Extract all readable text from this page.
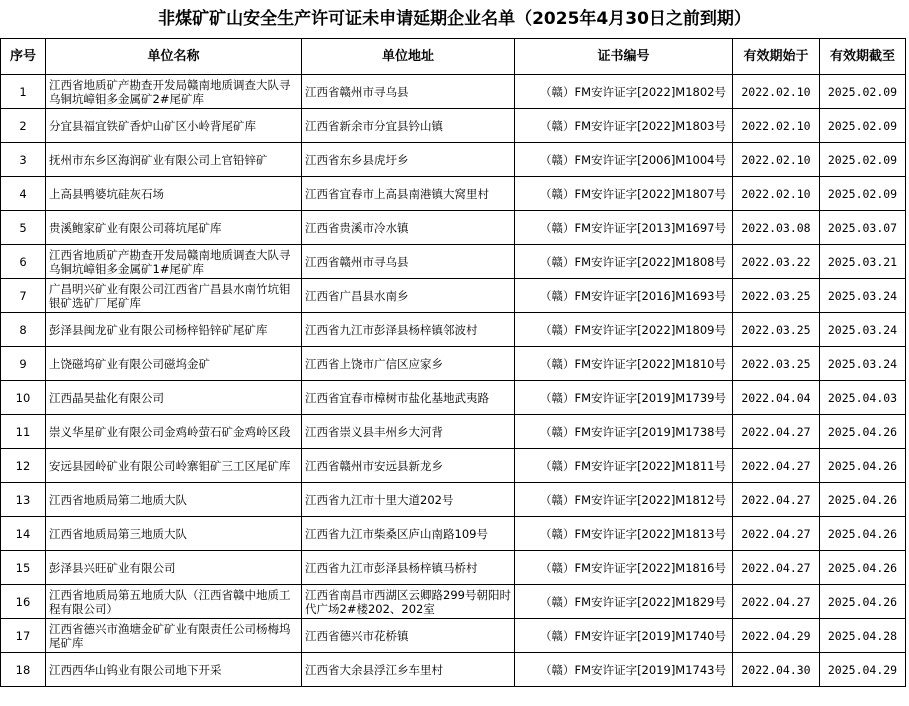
非煤矿矿山安全生产许可证未申请延期企业名单（2025年4月30日之前到期）
序号	单位名称	单位地址	证书编号	有效期始于	有效期截至
1	江西省地质矿产勘查开发局赣南地质调查大队寻乌铜坑嶂钼多金属矿2#尾矿库	江西省赣州市寻乌县	（赣）FM安许证字[2022]M1802号	2022.02.10	2025.02.09
2	分宜县福宜铁矿香炉山矿区小岭背尾矿库	江西省新余市分宜县钤山镇	（赣）FM安许证字[2022]M1803号	2022.02.10	2025.02.09
3	抚州市东乡区海润矿业有限公司上官铅锌矿	江西省东乡县虎圩乡	（赣）FM安许证字[2006]M1004号	2022.02.10	2025.02.09
4	上高县鸭婆坑硅灰石场	江西省宜春市上高县南港镇大窝里村	（赣）FM安许证字[2022]M1807号	2022.02.10	2025.02.09
5	贵溪鲍家矿业有限公司蒋坑尾矿库	江西省贵溪市冷水镇	（赣）FM安许证字[2013]M1697号	2022.03.08	2025.03.07
6	江西省地质矿产勘查开发局赣南地质调查大队寻乌铜坑嶂钼多金属矿1#尾矿库	江西省赣州市寻乌县	（赣）FM安许证字[2022]M1808号	2022.03.22	2025.03.21
7	广昌明兴矿业有限公司江西省广昌县水南竹坑钼银矿选矿厂尾矿库	江西省广昌县水南乡	（赣）FM安许证字[2016]M1693号	2022.03.25	2025.03.24
8	彭泽县闽龙矿业有限公司杨梓铅锌矿尾矿库	江西省九江市彭泽县杨梓镇邻波村	（赣）FM安许证字[2022]M1809号	2022.03.25	2025.03.24
9	上饶磁坞矿业有限公司磁坞金矿	江西省上饶市广信区应家乡	（赣）FM安许证字[2022]M1810号	2022.03.25	2025.03.24
10	江西晶昊盐化有限公司	江西省宜春市樟树市盐化基地武夷路	（赣）FM安许证字[2019]M1739号	2022.04.04	2025.04.03
11	崇义华星矿业有限公司金鸡岭萤石矿金鸡岭区段	江西省崇义县丰州乡大河背	（赣）FM安许证字[2019]M1738号	2022.04.27	2025.04.26
12	安远县园岭矿业有限公司岭寨钼矿三工区尾矿库	江西省赣州市安远县新龙乡	（赣）FM安许证字[2022]M1811号	2022.04.27	2025.04.26
13	江西省地质局第二地质大队	江西省九江市十里大道202号	（赣）FM安许证字[2022]M1812号	2022.04.27	2025.04.26
14	江西省地质局第三地质大队	江西省九江市柴桑区庐山南路109号	（赣）FM安许证字[2022]M1813号	2022.04.27	2025.04.26
15	彭泽县兴旺矿业有限公司	江西省九江市彭泽县杨梓镇马桥村	（赣）FM安许证字[2022]M1816号	2022.04.27	2025.04.26
16	江西省地质局第五地质大队（江西省赣中地质工程有限公司）	江西省南昌市西湖区云卿路299号朝阳时代广场2#楼202、202室	（赣）FM安许证字[2022]M1829号	2022.04.27	2025.04.26
17	江西省德兴市渔塘金矿矿业有限责任公司杨梅坞尾矿库	江西省德兴市花桥镇	（赣）FM安许证字[2019]M1740号	2022.04.29	2025.04.28
18	江西西华山钨业有限公司地下开采	江西省大余县浮江乡车里村	（赣）FM安许证字[2019]M1743号	2022.04.30	2025.04.29
